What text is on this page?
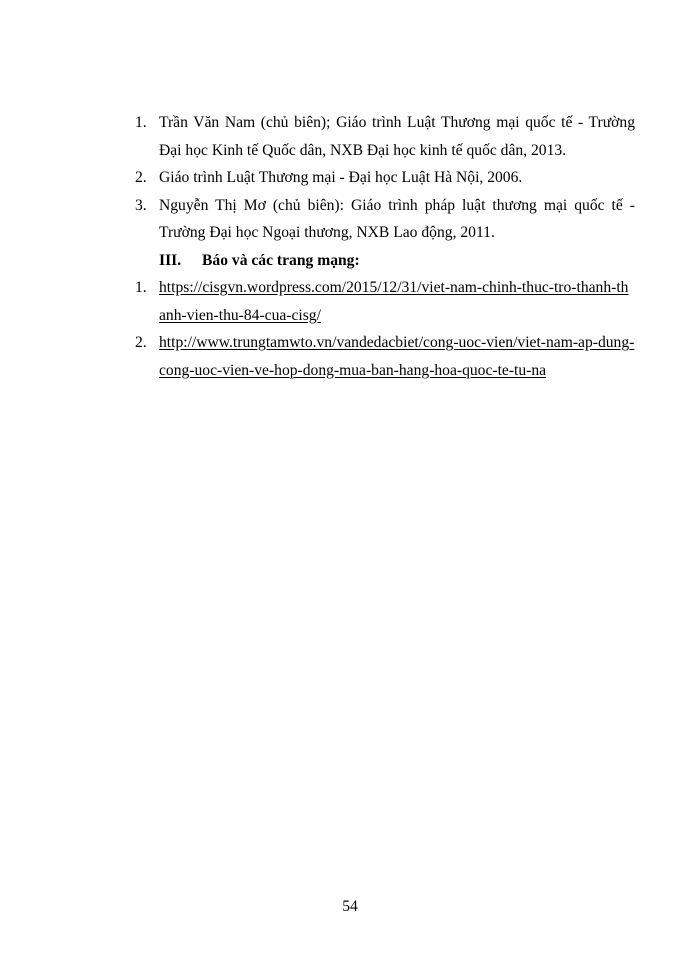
1. Trần Văn Nam (chủ biên); Giáo trình Luật Thương mại quốc tế - Trường Đại học Kinh tế Quốc dân, NXB Đại học kinh tế quốc dân, 2013.
2. Giáo trình Luật Thương mại - Đại học Luật Hà Nội, 2006.
3. Nguyễn Thị Mơ (chủ biên): Giáo trình pháp luật thương mại quốc tế - Trường Đại học Ngoại thương, NXB Lao động, 2011.
III.	Báo và các trang mạng:
1. https://cisgvn.wordpress.com/2015/12/31/viet-nam-chinh-thuc-tro-thanh-thanh-vien-thu-84-cua-cisg/
2. http://www.trungtamwto.vn/vandedacbiet/cong-uoc-vien/viet-nam-ap-dung-cong-uoc-vien-ve-hop-dong-mua-ban-hang-hoa-quoc-te-tu-na
54
